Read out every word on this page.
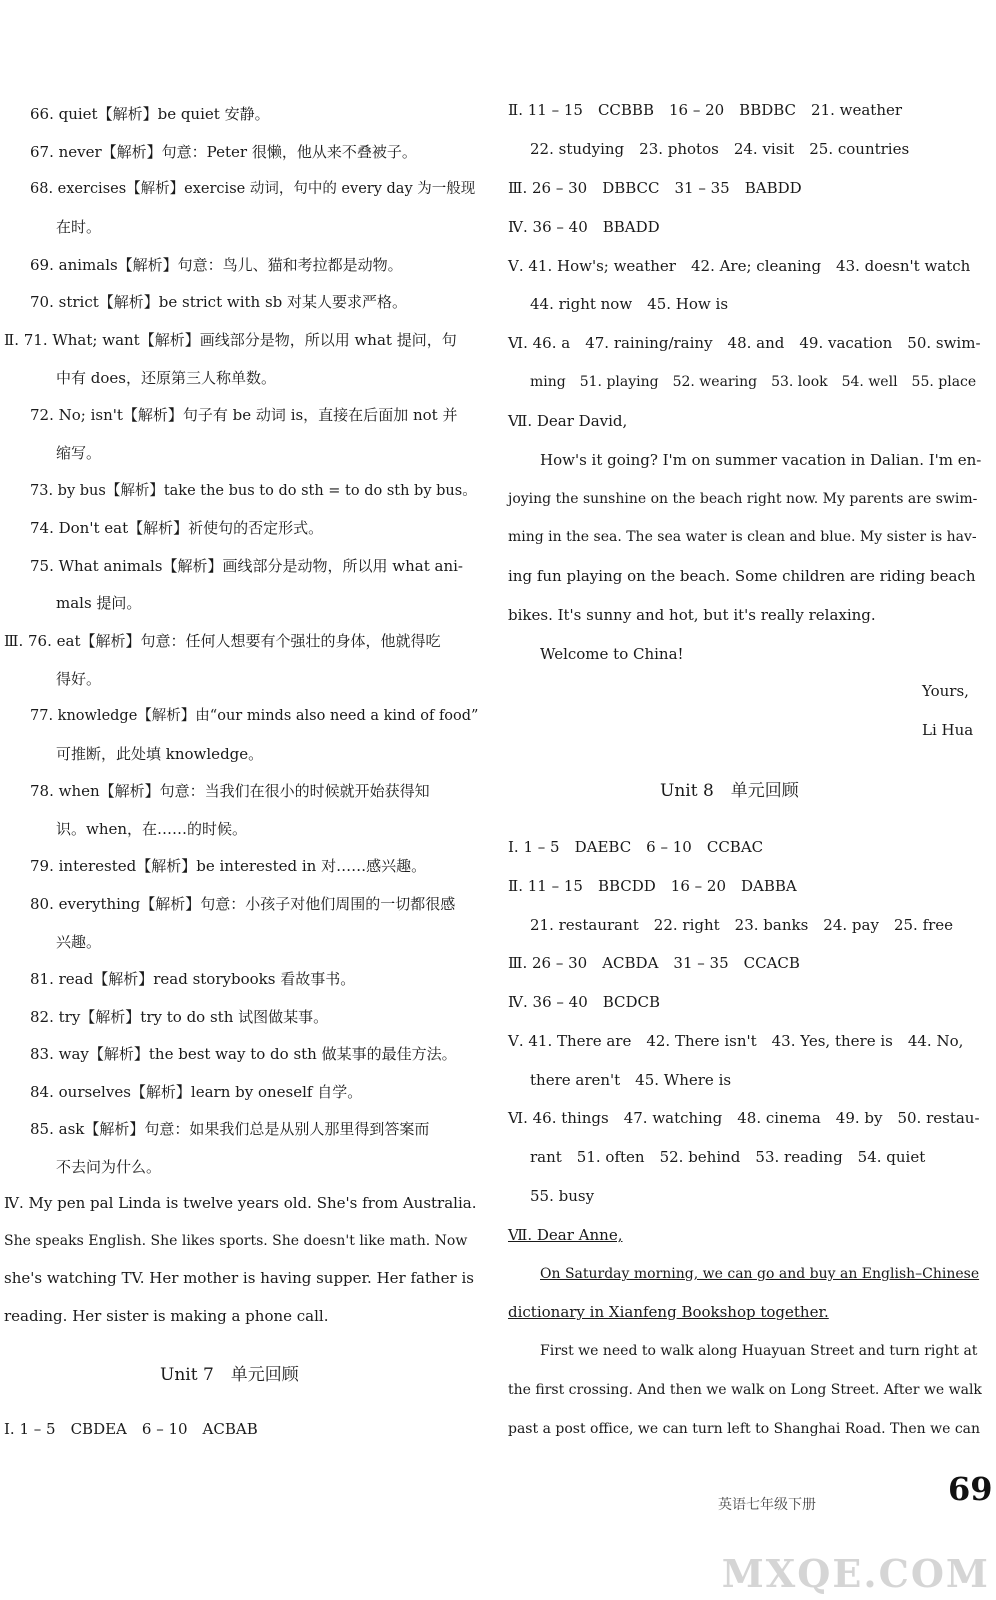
66. quiet【解析】be quiet 安静。
67. never【解析】句意：Peter 很懒，他从来不叠被子。
68. exercises【解析】exercise 动词，句中的 every day 为一般现
在时。
69. animals【解析】句意：鸟儿、猫和考拉都是动物。
70. strict【解析】be strict with sb 对某人要求严格。
Ⅱ. 71. What; want【解析】画线部分是物，所以用 what 提问，句
中有 does，还原第三人称单数。
72. No; isn't【解析】句子有 be 动词 is，直接在后面加 not 并
缩写。
73. by bus【解析】take the bus to do sth = to do sth by bus。
74. Don't eat【解析】祈使句的否定形式。
75. What animals【解析】画线部分是动物，所以用 what ani-
mals 提问。
Ⅲ. 76. eat【解析】句意：任何人想要有个强壮的身体，他就得吃
得好。
77. knowledge【解析】由“our minds also need a kind of food”
可推断，此处填 knowledge。
78. when【解析】句意：当我们在很小的时候就开始获得知
识。when，在……的时候。
79. interested【解析】be interested in 对……感兴趣。
80. everything【解析】句意：小孩子对他们周围的一切都很感
兴趣。
81. read【解析】read storybooks 看故事书。
82. try【解析】try to do sth 试图做某事。
83. way【解析】the best way to do sth 做某事的最佳方法。
84. ourselves【解析】learn by oneself 自学。
85. ask【解析】句意：如果我们总是从别人那里得到答案而
不去问为什么。
Ⅳ. My pen pal Linda is twelve years old. She's from Australia.
She speaks English. She likes sports. She doesn't like math. Now
she's watching TV. Her mother is having supper. Her father is
reading. Her sister is making a phone call.
Unit 7　单元回顾
Ⅰ. 1 – 5　CBDEA　6 – 10　ACBAB
Ⅱ. 11 – 15　CCBBB　16 – 20　BBDBC　21. weather
22. studying　23. photos　24. visit　25. countries
Ⅲ. 26 – 30　DBBCC　31 – 35　BABDD
Ⅳ. 36 – 40　BBADD
Ⅴ. 41. How's; weather　42. Are; cleaning　43. doesn't watch
44. right now　45. How is
Ⅵ. 46. a　47. raining/rainy　48. and　49. vacation　50. swim-
ming　51. playing　52. wearing　53. look　54. well　55. place
Ⅶ. Dear David,
How's it going? I'm on summer vacation in Dalian. I'm en-
joying the sunshine on the beach right now. My parents are swim-
ming in the sea. The sea water is clean and blue. My sister is hav-
ing fun playing on the beach. Some children are riding beach
bikes. It's sunny and hot, but it's really relaxing.
Welcome to China!
Yours,
Li Hua
Unit 8　单元回顾
Ⅰ. 1 – 5　DAEBC　6 – 10　CCBAC
Ⅱ. 11 – 15　BBCDD　16 – 20　DABBA
21. restaurant　22. right　23. banks　24. pay　25. free
Ⅲ. 26 – 30　ACBDA　31 – 35　CCACB
Ⅳ. 36 – 40　BCDCB
Ⅴ. 41. There are　42. There isn't　43. Yes, there is　44. No,
there aren't　45. Where is
Ⅵ. 46. things　47. watching　48. cinema　49. by　50. restau-
rant　51. often　52. behind　53. reading　54. quiet
55. busy
Ⅶ. Dear Anne,
On Saturday morning, we can go and buy an English–Chinese
dictionary in Xianfeng Bookshop together.
First we need to walk along Huayuan Street and turn right at
the first crossing. And then we walk on Long Street. After we walk
past a post office, we can turn left to Shanghai Road. Then we can
英语七年级下册	69
MXQE.COM
